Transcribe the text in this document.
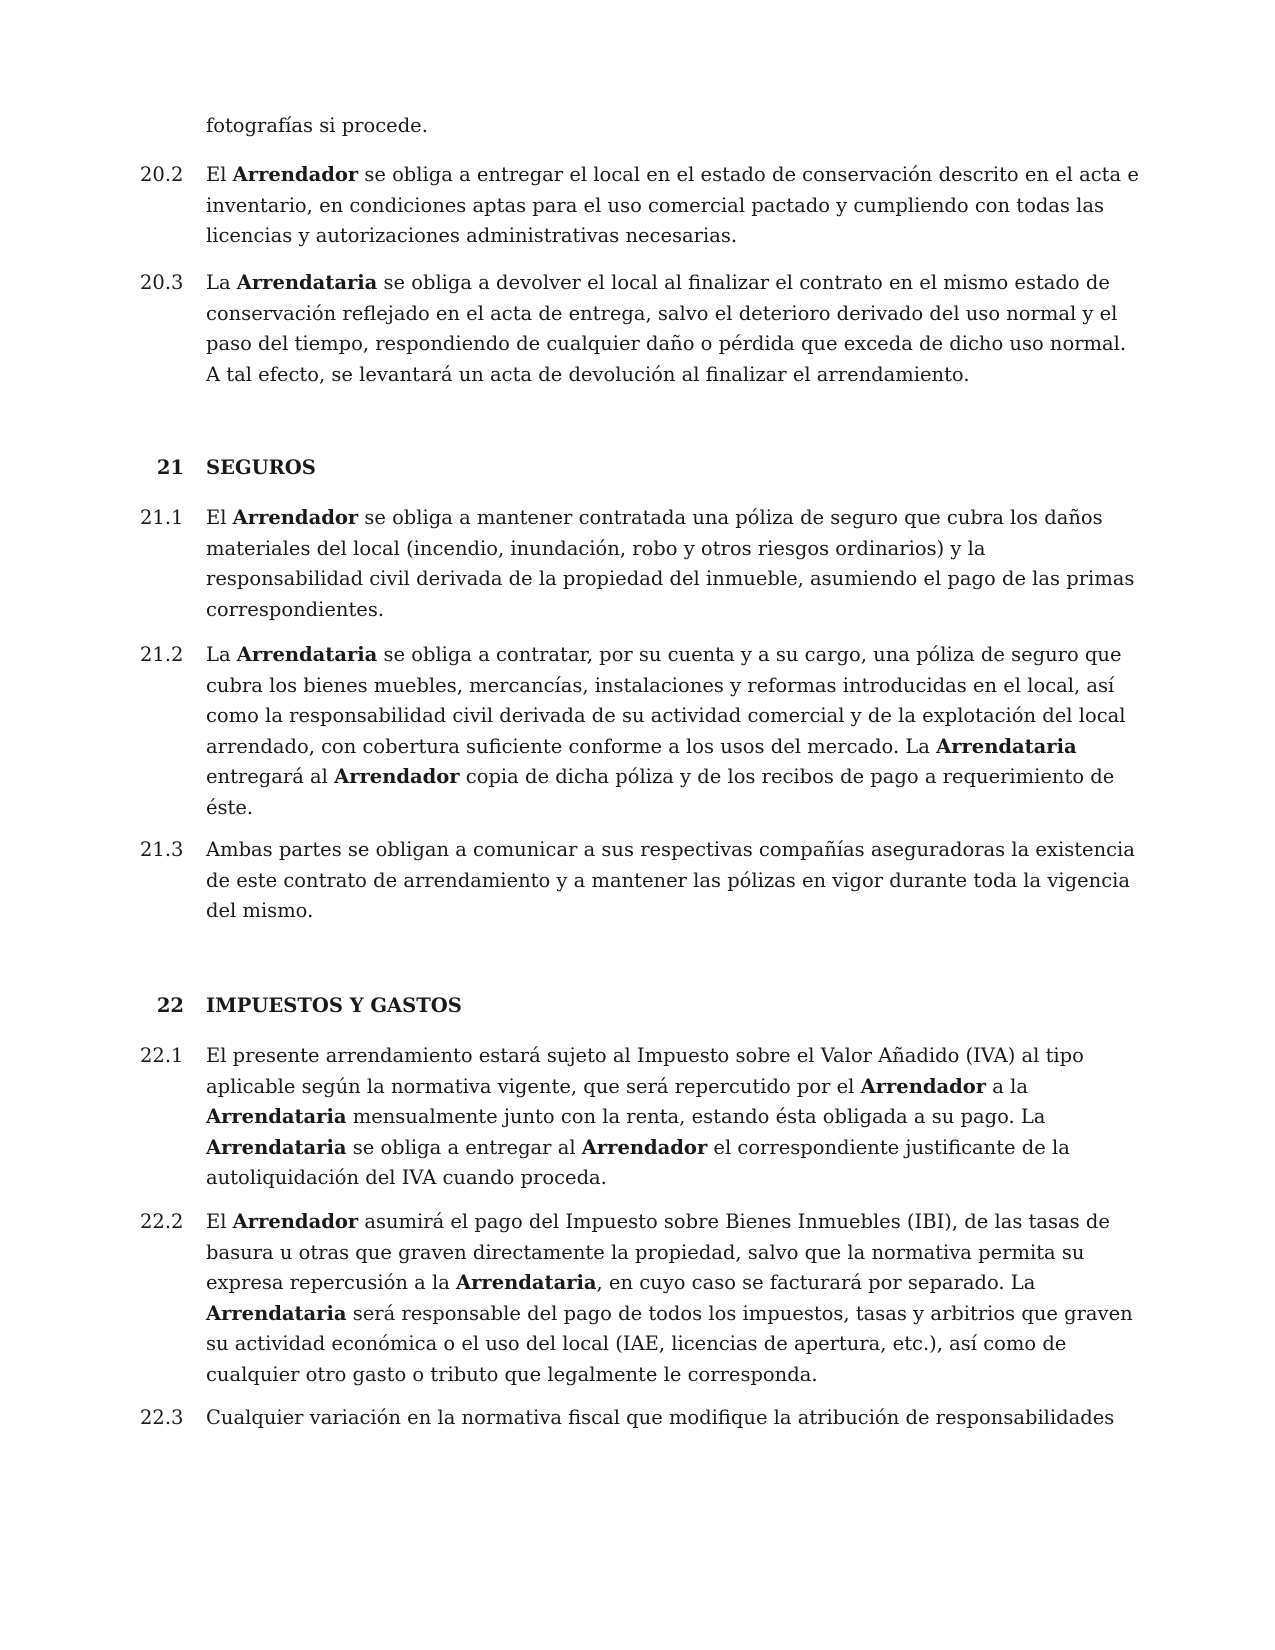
fotografías si procede.
20.2	El Arrendador se obliga a entregar el local en el estado de conservación descrito en el acta e inventario, en condiciones aptas para el uso comercial pactado y cumpliendo con todas las licencias y autorizaciones administrativas necesarias.
20.3	La Arrendataria se obliga a devolver el local al finalizar el contrato en el mismo estado de conservación reflejado en el acta de entrega, salvo el deterioro derivado del uso normal y el paso del tiempo, respondiendo de cualquier daño o pérdida que exceda de dicho uso normal. A tal efecto, se levantará un acta de devolución al finalizar el arrendamiento.
21 SEGUROS
21.1	El Arrendador se obliga a mantener contratada una póliza de seguro que cubra los daños materiales del local (incendio, inundación, robo y otros riesgos ordinarios) y la responsabilidad civil derivada de la propiedad del inmueble, asumiendo el pago de las primas correspondientes.
21.2	La Arrendataria se obliga a contratar, por su cuenta y a su cargo, una póliza de seguro que cubra los bienes muebles, mercancías, instalaciones y reformas introducidas en el local, así como la responsabilidad civil derivada de su actividad comercial y de la explotación del local arrendado, con cobertura suficiente conforme a los usos del mercado. La Arrendataria entregará al Arrendador copia de dicha póliza y de los recibos de pago a requerimiento de éste.
21.3	Ambas partes se obligan a comunicar a sus respectivas compañías aseguradoras la existencia de este contrato de arrendamiento y a mantener las pólizas en vigor durante toda la vigencia del mismo.
22 IMPUESTOS Y GASTOS
22.1	El presente arrendamiento estará sujeto al Impuesto sobre el Valor Añadido (IVA) al tipo aplicable según la normativa vigente, que será repercutido por el Arrendador a la Arrendataria mensualmente junto con la renta, estando ésta obligada a su pago. La Arrendataria se obliga a entregar al Arrendador el correspondiente justificante de la autoliquidación del IVA cuando proceda.
22.2	El Arrendador asumirá el pago del Impuesto sobre Bienes Inmuebles (IBI), de las tasas de basura u otras que graven directamente la propiedad, salvo que la normativa permita su expresa repercusión a la Arrendataria, en cuyo caso se facturará por separado. La Arrendataria será responsable del pago de todos los impuestos, tasas y arbitrios que graven su actividad económica o el uso del local (IAE, licencias de apertura, etc.), así como de cualquier otro gasto o tributo que legalmente le corresponda.
22.3	Cualquier variación en la normativa fiscal que modifique la atribución de responsabilidades
